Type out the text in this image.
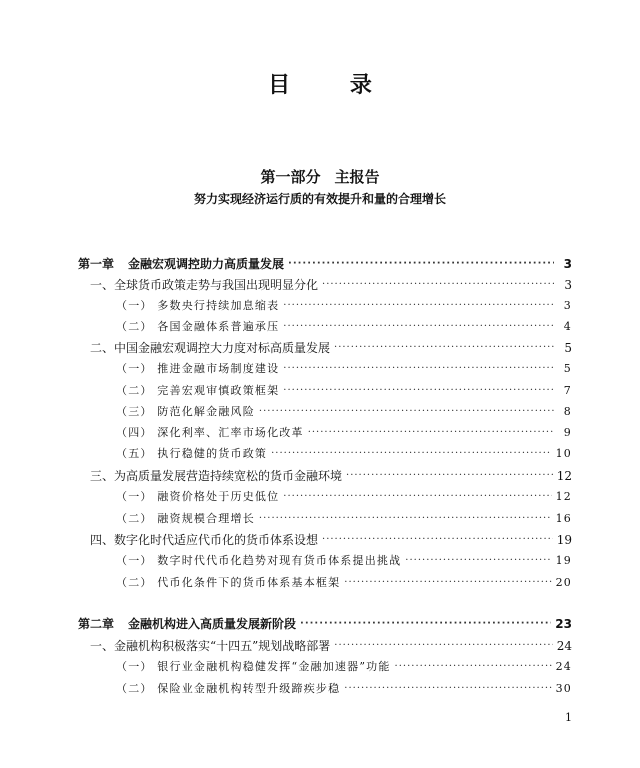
目 录
第一部分 主报告
努力实现经济运行质的有效提升和量的合理增长
第一章 金融宏观调控助力高质量发展 ·····	3
一、全球货币政策走势与我国出现明显分化 ·····	3
（一） 多数央行持续加息缩表 ·····	3
（二） 各国金融体系普遍承压 ·····	4
二、中国金融宏观调控大力度对标高质量发展 ·····	5
（一） 推进金融市场制度建设 ·····	5
（二） 完善宏观审慎政策框架 ·····	7
（三） 防范化解金融风险 ·····	8
（四） 深化利率、汇率市场化改革 ·····	9
（五） 执行稳健的货币政策 ·····	10
三、为高质量发展营造持续宽松的货币金融环境 ·····	12
（一） 融资价格处于历史低位 ·····	12
（二） 融资规模合理增长 ·····	16
四、数字化时代适应代币化的货币体系设想 ·····	19
（一） 数字时代代币化趋势对现有货币体系提出挑战 ·····	19
（二） 代币化条件下的货币体系基本框架 ·····	20
第二章 金融机构进入高质量发展新阶段 ·····	23
一、金融机构积极落实“十四五”规划战略部署 ·····	24
（一） 银行业金融机构稳健发挥“金融加速器”功能 ·····	24
（二） 保险业金融机构转型升级蹄疾步稳 ·····	30
1
